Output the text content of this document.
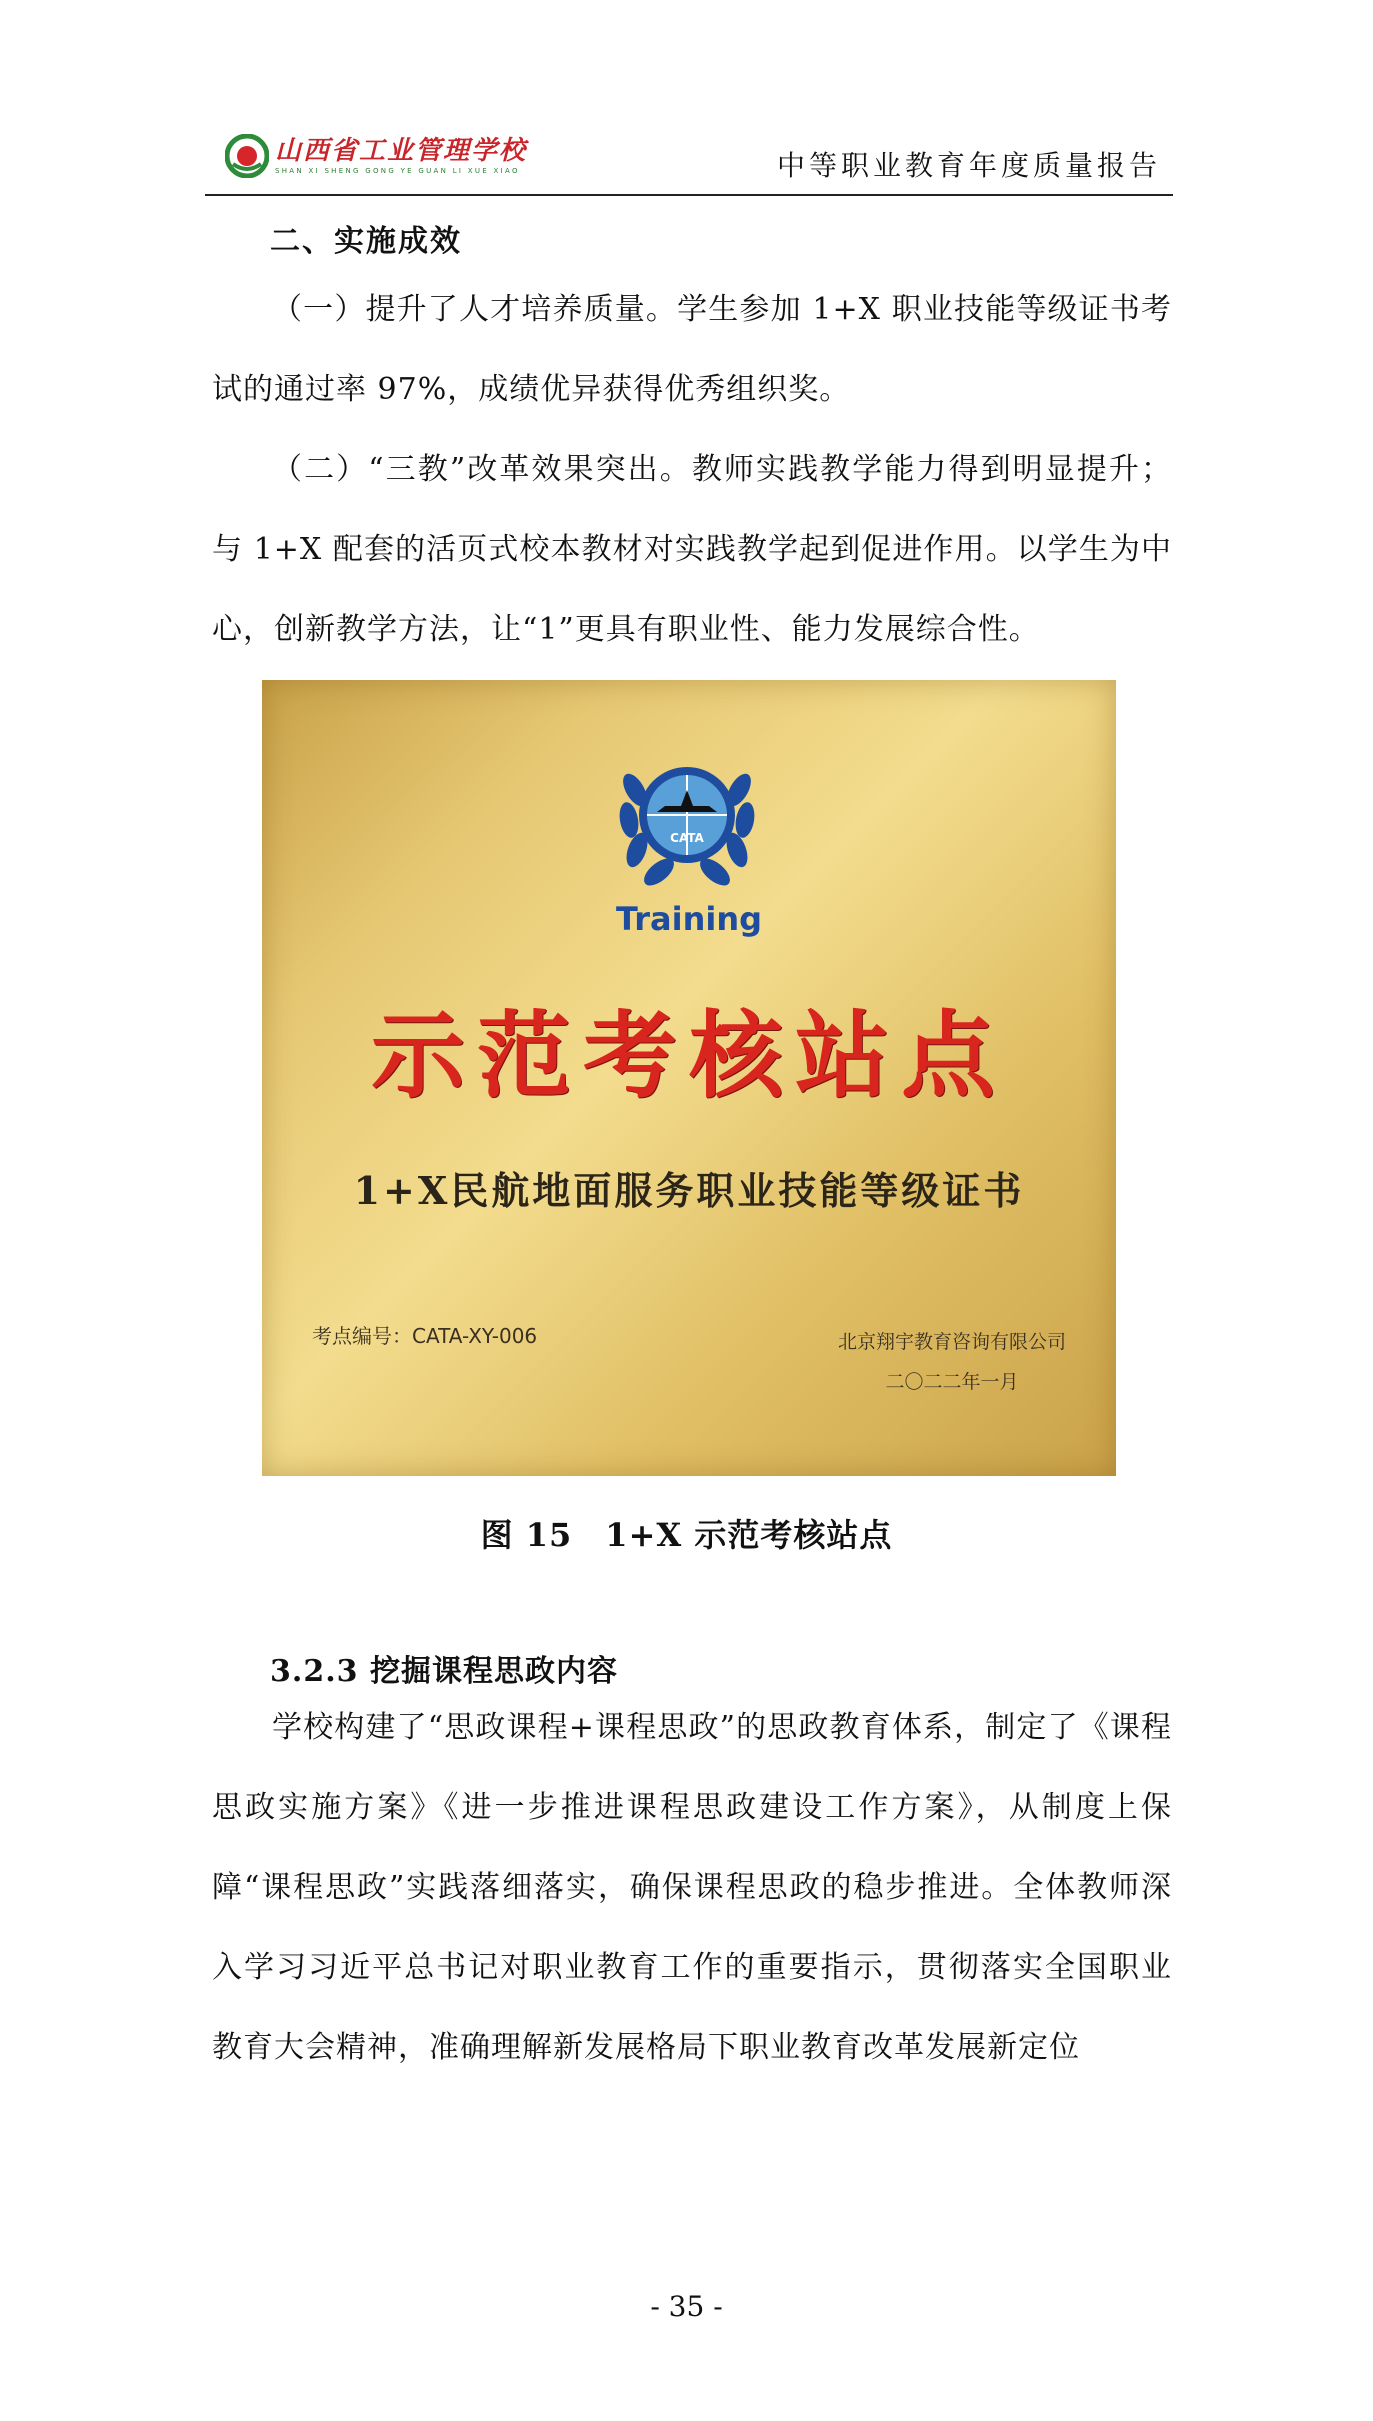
山西省工业管理学校
SHAN XI SHENG GONG YE GUAN LI XUE XIAO	中等职业教育年度质量报告
二、实施成效
（一）提升了人才培养质量。学生参加 1+X 职业技能等级证书考试的通过率 97%，成绩优异获得优秀组织奖。
（二）“三教”改革效果突出。教师实践教学能力得到明显提升；与 1+X 配套的活页式校本教材对实践教学起到促进作用。以学生为中心，创新教学方法，让“1”更具有职业性、能力发展综合性。
CATA
Training
示范考核站点
1+X民航地面服务职业技能等级证书
考点编号：CATA-XY-006	北京翔宇教育咨询有限公司
二〇二二年一月
图 15　1+X 示范考核站点
3.2.3 挖掘课程思政内容
学校构建了“思政课程+课程思政”的思政教育体系，制定了《课程思政实施方案》《进一步推进课程思政建设工作方案》，从制度上保障“课程思政”实践落细落实，确保课程思政的稳步推进。全体教师深入学习习近平总书记对职业教育工作的重要指示，贯彻落实全国职业教育大会精神，准确理解新发展格局下职业教育改革发展新定位
- 35 -
